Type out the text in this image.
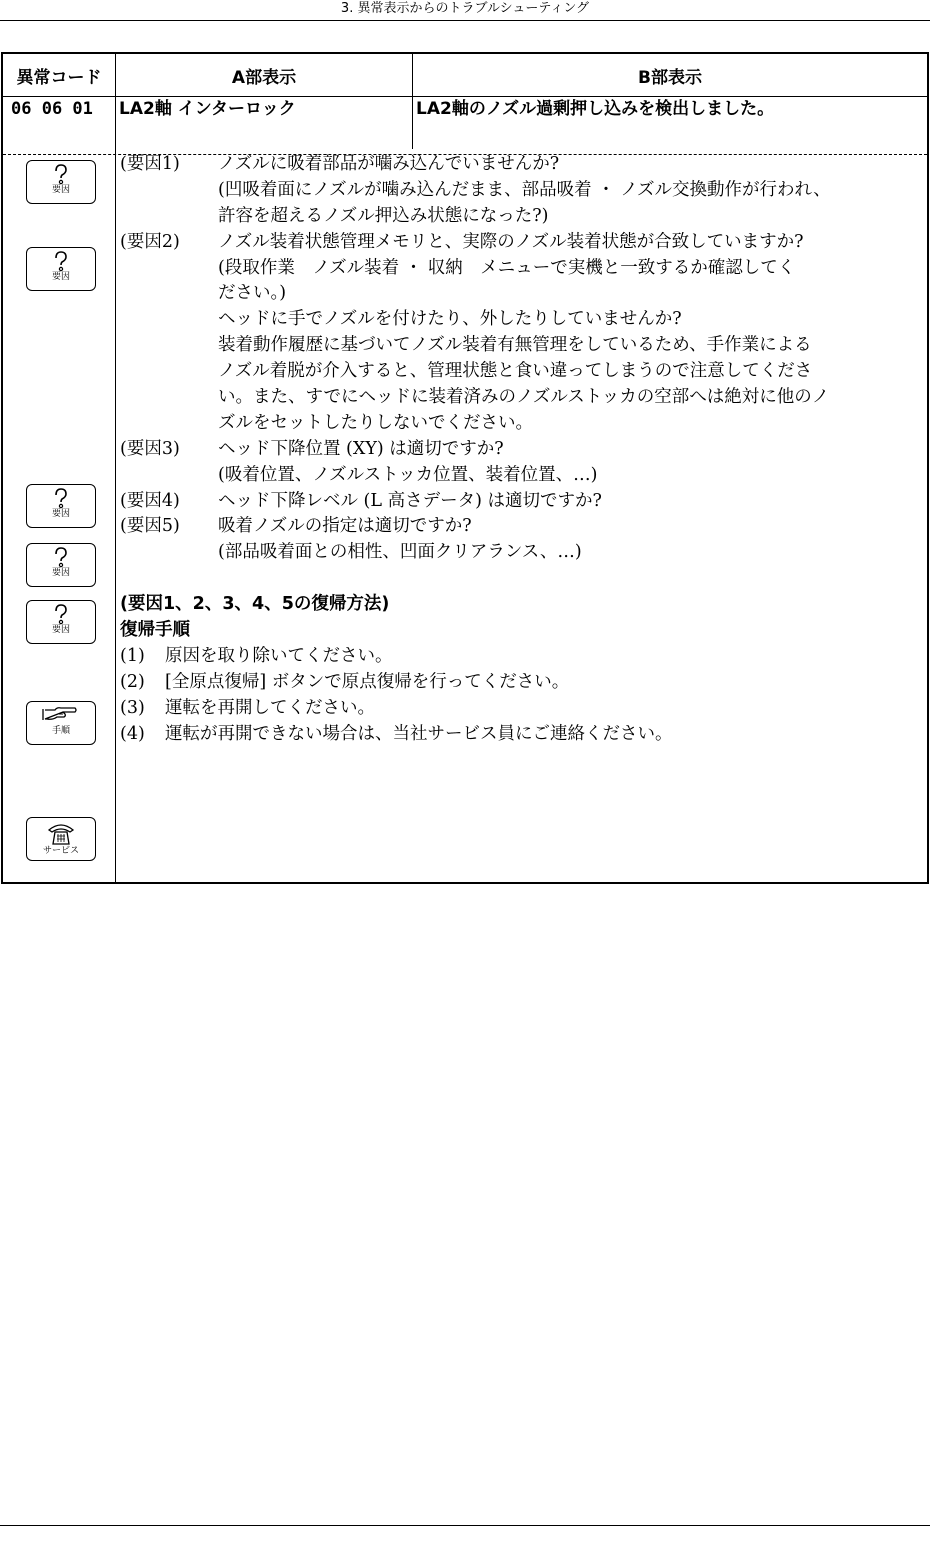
3. 異常表示からのトラブルシューティング
異常コード	A部表示	B部表示
06 06 01 LA2軸 インターロック	LA2軸のノズル過剰押し込みを検出しました。
要因
要因
要因
要因
要因
手順
サービス
(要因1) ノズルに吸着部品が噛み込んでいませんか?
(凹吸着面にノズルが噛み込んだまま、部品吸着 ・ ノズル交換動作が行われ、
許容を超えるノズル押込み状態になった?)
(要因2) ノズル装着状態管理メモリと、実際のノズル装着状態が合致していますか?
(段取作業　ノズル装着 ・ 収納　メニューで実機と一致するか確認してく
ださい。)
ヘッドに手でノズルを付けたり、外したりしていませんか?
装着動作履歴に基づいてノズル装着有無管理をしているため、手作業による
ノズル着脱が介入すると、管理状態と食い違ってしまうので注意してくださ
い。また、すでにヘッドに装着済みのノズルストッカの空部へは絶対に他のノ
ズルをセットしたりしないでください。
(要因3) ヘッド下降位置 (XY) は適切ですか?
(吸着位置、ノズルストッカ位置、装着位置、…)
(要因4) ヘッド下降レベル (L 高さデータ) は適切ですか?
(要因5) 吸着ノズルの指定は適切ですか?
(部品吸着面との相性、凹面クリアランス、…)
(要因1、2、3、4、5の復帰方法)
復帰手順
(1) 原因を取り除いてください。
(2) [全原点復帰] ボタンで原点復帰を行ってください。
(3) 運転を再開してください。
(4) 運転が再開できない場合は、当社サービス員にご連絡ください。
